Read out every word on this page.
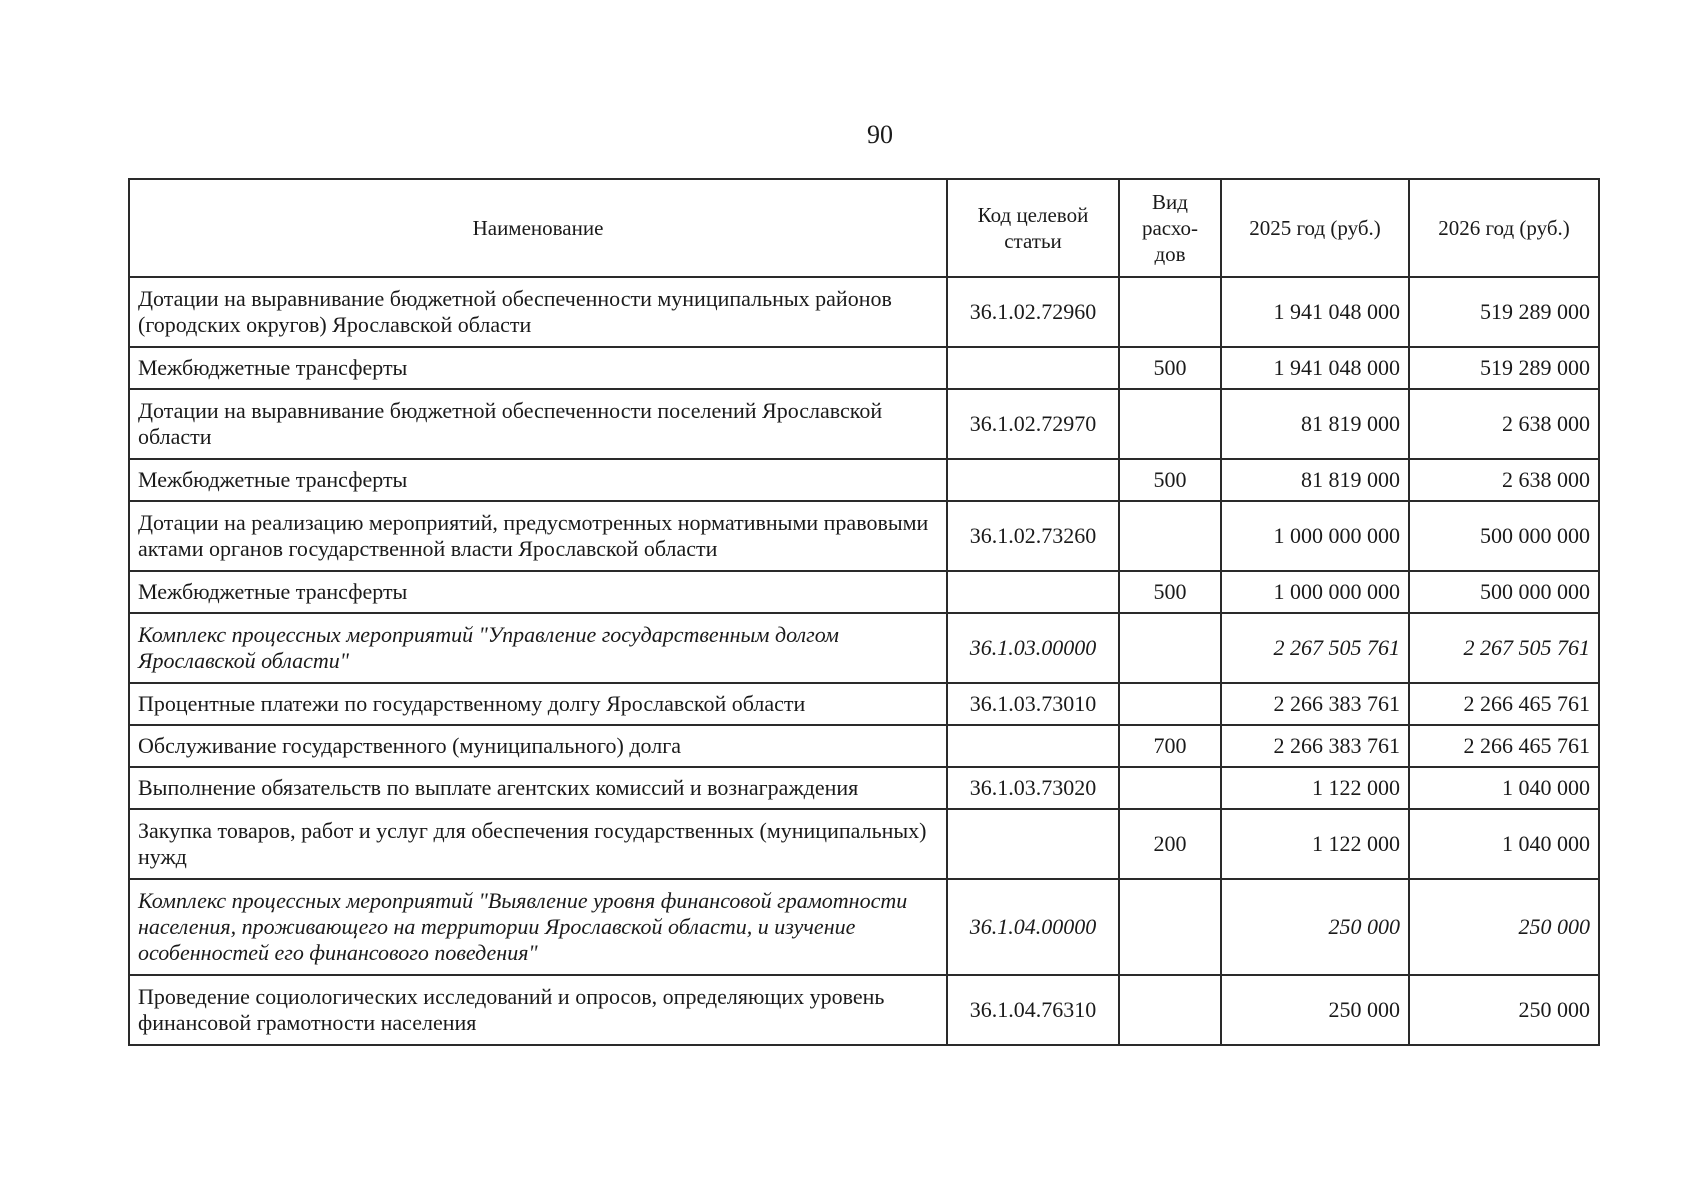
90
Наименование	Код целевой статьи	Вид расхо-дов	2025 год (руб.)	2026 год (руб.)
Дотации на выравнивание бюджетной обеспеченности муниципальных районов (городских округов) Ярославской области	36.1.02.72960		1 941 048 000	519 289 000
Межбюджетные трансферты		500	1 941 048 000	519 289 000
Дотации на выравнивание бюджетной обеспеченности поселений Ярославской области	36.1.02.72970		81 819 000	2 638 000
Межбюджетные трансферты		500	81 819 000	2 638 000
Дотации на реализацию мероприятий, предусмотренных нормативными правовыми актами органов государственной власти Ярославской области	36.1.02.73260		1 000 000 000	500 000 000
Межбюджетные трансферты		500	1 000 000 000	500 000 000
Комплекс процессных мероприятий "Управление государственным долгом Ярославской области"	36.1.03.00000		2 267 505 761	2 267 505 761
Процентные платежи по государственному долгу Ярославской области	36.1.03.73010		2 266 383 761	2 266 465 761
Обслуживание государственного (муниципального) долга		700	2 266 383 761	2 266 465 761
Выполнение обязательств по выплате агентских комиссий и вознаграждения	36.1.03.73020		1 122 000	1 040 000
Закупка товаров, работ и услуг для обеспечения государственных (муниципальных) нужд		200	1 122 000	1 040 000
Комплекс процессных мероприятий "Выявление уровня финансовой грамотности населения, проживающего на территории Ярославской области, и изучение особенностей его финансового поведения"	36.1.04.00000		250 000	250 000
Проведение социологических исследований и опросов, определяющих уровень финансовой грамотности населения	36.1.04.76310		250 000	250 000
